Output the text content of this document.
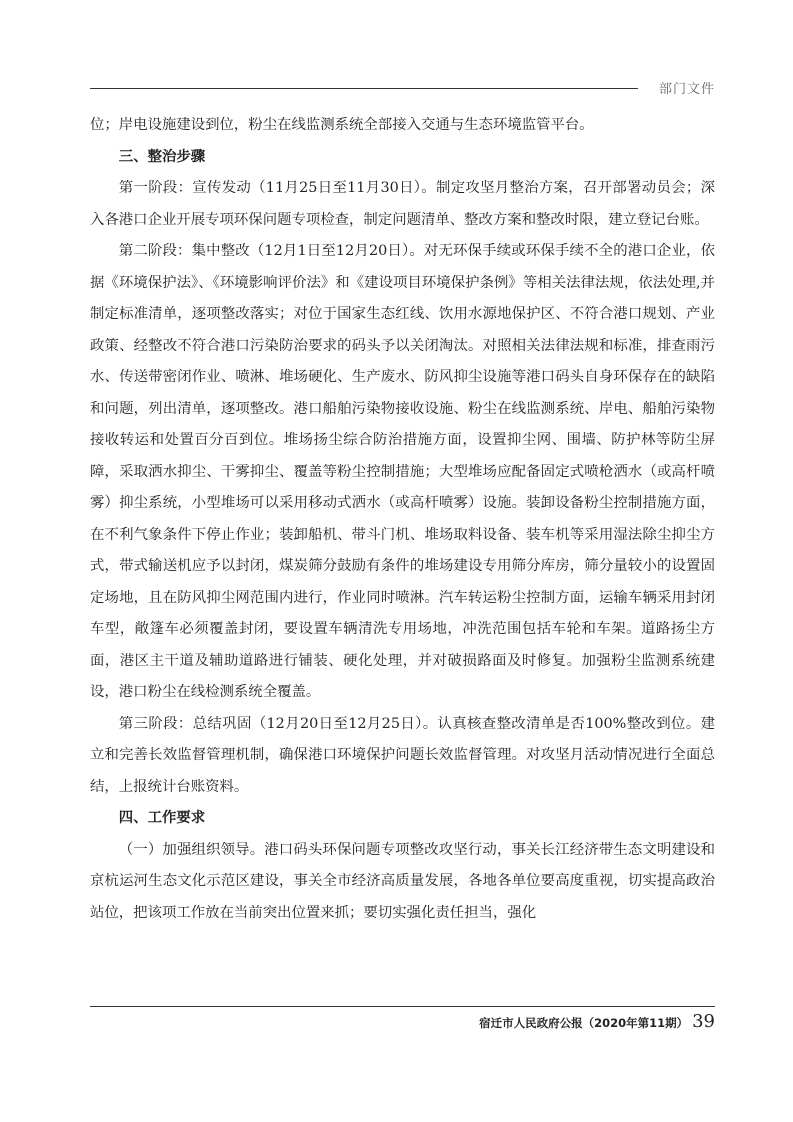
部门文件

位；岸电设施建设到位，粉尘在线监测系统全部接入交通与生态环境监管平台。

三、整治步骤

第一阶段：宣传发动（11月25日至11月30日）。制定攻坚月整治方案，召开部署动员会；深入各港口企业开展专项环保问题专项检查，制定问题清单、整改方案和整改时限，建立登记台账。

第二阶段：集中整改（12月1日至12月20日）。对无环保手续或环保手续不全的港口企业，依据《环境保护法》、《环境影响评价法》和《建设项目环境保护条例》等相关法律法规，依法处理,并制定标准清单，逐项整改落实；对位于国家生态红线、饮用水源地保护区、不符合港口规划、产业政策、经整改不符合港口污染防治要求的码头予以关闭淘汰。对照相关法律法规和标准，排查雨污水、传送带密闭作业、喷淋、堆场硬化、生产废水、防风抑尘设施等港口码头自身环保存在的缺陷和问题，列出清单，逐项整改。港口船舶污染物接收设施、粉尘在线监测系统、岸电、船舶污染物接收转运和处置百分百到位。堆场扬尘综合防治措施方面，设置抑尘网、围墙、防护林等防尘屏障，采取洒水抑尘、干雾抑尘、覆盖等粉尘控制措施；大型堆场应配备固定式喷枪洒水（或高杆喷雾）抑尘系统，小型堆场可以采用移动式洒水（或高杆喷雾）设施。装卸设备粉尘控制措施方面，在不利气象条件下停止作业；装卸船机、带斗门机、堆场取料设备、装车机等采用湿法除尘抑尘方式，带式输送机应予以封闭，煤炭筛分鼓励有条件的堆场建设专用筛分库房，筛分量较小的设置固定场地，且在防风抑尘网范围内进行，作业同时喷淋。汽车转运粉尘控制方面，运输车辆采用封闭车型，敞篷车必须覆盖封闭，要设置车辆清洗专用场地，冲洗范围包括车轮和车架。道路扬尘方面，港区主干道及辅助道路进行铺装、硬化处理，并对破损路面及时修复。加强粉尘监测系统建设，港口粉尘在线检测系统全覆盖。

第三阶段：总结巩固（12月20日至12月25日）。认真核查整改清单是否100%整改到位。建立和完善长效监督管理机制，确保港口环境保护问题长效监督管理。对攻坚月活动情况进行全面总结，上报统计台账资料。

四、工作要求

（一）加强组织领导。港口码头环保问题专项整改攻坚行动，事关长江经济带生态文明建设和京杭运河生态文化示范区建设，事关全市经济高质量发展，各地各单位要高度重视，切实提高政治站位，把该项工作放在当前突出位置来抓；要切实强化责任担当，强化

宿迁市人民政府公报（2020年第11期） 39
